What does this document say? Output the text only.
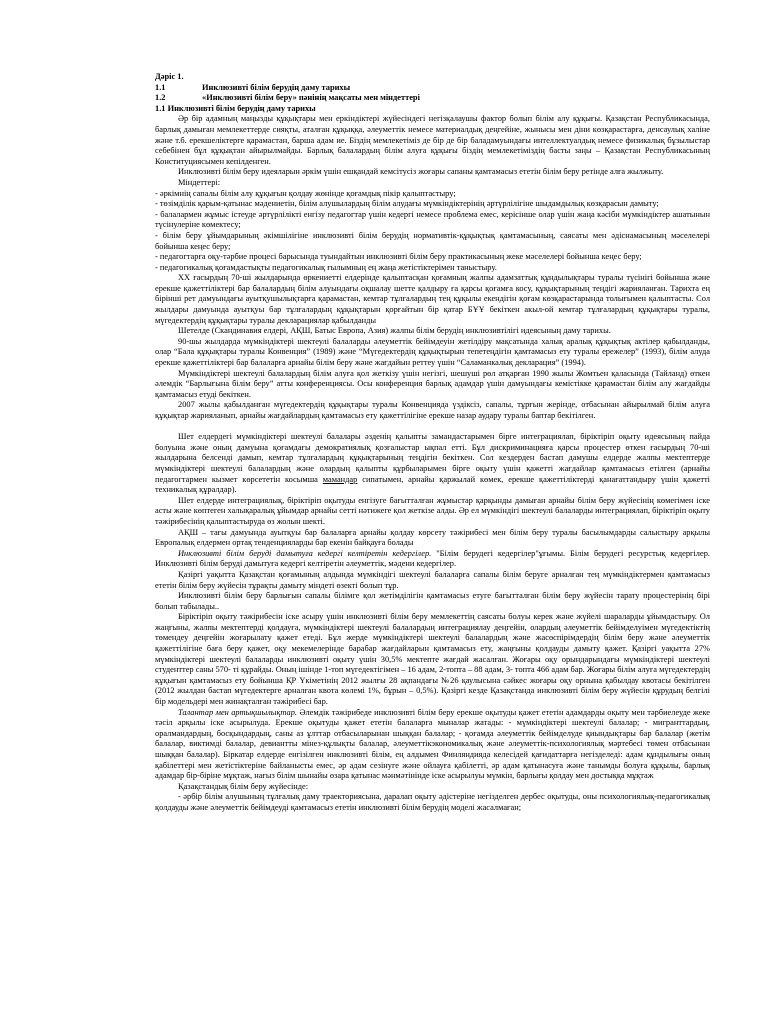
Дәріс 1.

1.1	Инклюзивті білім берудің даму тарихы
1.2	«Инклюзивті білім беру» пәнінің мақсаты мен міндеттері

1.1 Инклюзивті білім берудің даму тарихы

Әр бір адамның маңызды құқықтары мен еркіндіктері жүйесіндегі негізқалаушы фактор болып білім алу құқығы. Қазақстан Республикасында, барлық дамыған мемлекеттерде сияқты, аталған құқыққа, әлеуметтік немесе материалдық деңгейіне, жынысы мен діни көзқарастарға, денсаулық халіне және т.б. ерекшеліктерге қарамастан, барша адам ие. Біздің мемлекетіміз де бір де бір баладамуындағы интеллектуалдық немесе физикалық бұзылыстар себебінен бұл құқықтан айырылмайды. Барлық балалардың білім алуға құқығы біздің мемлекетіміздің басты заңы – Қазақстан Республикасының Конституциясымен кепілденген.

Инклюзивті білім беру идеяларын әркім үшін ешқандай кемсітусіз жоғары сапаны қамтамасыз ететін білім беру ретінде алға жылжыту.

Міндеттері:

- әркімнің сапалы білім алу құқығын қолдау жөнінде қоғамдық пікір қалыптастыру;

- төзімділік қарым-қатынас мәдениетін, білім алушылардың білім алудағы мүмкіндіктерінің әртүрлілігіне шыдамдылық көзқарасын дамыту;

- балалармен жұмыс істеуде әртүрлілікті енгізу педагогтар үшін кедергі немесе проблема емес, керісінше олар үшін жаңа кәсіби мүмкіндіктер ашатынын түсінулеріне көмектесу;

- білім беру ұйымдарының әкімшілігіне инклюзивті білім берудің нормативтік-құқықтық қамтамасының, саясаты мен әдіснамасының мәселелері бойынша кеңес беру;

- педагогтарға оқу-тәрбие процесі барысында туындайтын инклюзивті білім беру практикасының жеке мәселелері бойынша кеңес беру;

- педагогикалық қоғамдастықты педагогикалық ғылымның ең жаңа жетістіктерімен таныстыру.

XX ғасырдың 70-ші жылдарында өркениетті елдерінде қалыптасқан қоғамның жалпы адамзаттық құндылықтары туралы түсінігі бойынша және ерекше қажеттіліктері бар балалардың білім алуындағы оқшалау шетте қалдыру ға қарсы қоғамға косу, құқықтарының теңдігі жарияланған. Тарихта ең біріншi рет дамуындағы ауытқушылықтарға қарамастан, кемтар тұлғалардың тең құқылы екендігін қоғам көзқарастарында толығымен қалыптасты. Сол жылдары дамуында ауытқуы бар тұлғалардың құқықтарын қорғайтын бір қатар БҰҰ бекіткен акыл-ой кемтар тұлғалардың құқықтары туралы, мүгедектердің құқықтары туралы декларациялар қабылданды

Шетелде (Скандинавия елдері, АҚШ, Батыс Европа, Азия) жалпы білім берудің инклюзивтілігі идеясының даму тарихы.

90-шы жылдарда мүмкіндіктері шектеулі балаларды әлеуметтік бейімдеуін жетілдіру мақсатында халық аралық құқықтық актілер қабылданды, олар “Бала құқықтары туралы Конвенция” (1989) және “Мүгедектердің құқықтырын тепетеңдігін қамтамасыз ету туралы ережелер” (1993), білім алуда ерекше қажеттіліктері бар балаларға арнайы білім беру және жағдайын реттеу үшін “Саламанкалық декларация” (1994).

Мүмкіндіктері шектеулі балалардың білім алуға қол жеткізу үшін негізгі, шешуші рөл атқарған 1990 жылы Жомтьен қаласында (Тайланд) өткен әлемдік “Барлығына білім беру” атты конференциясы. Осы конференция барлық адамдар үшін дамуындағы кемістікке қарамастан білім алу жағдайды қамтамасыз етуді бекіткен.

2007 жылы қабылданған мүгедектердің құқықтары туралы Конвенцияда үздіксіз, сапалы, тұрғын жерінде, отбасынан айырылмай білім алуға құқықтар жарияланып, арнайы жағдайлардың қамтамасыз ету қажеттілігіне ерекше назар аудару туралы баптар бекітілген.

Шет елдердегі мүмкіндіктері шектеулі балалары әзденің қалыпты замандастарымен бірге интеграциялап, біріктіріп оқыту идеясының пайда болуына және оның дамуына қоғамдағы демократиялық қозғалыстар ықпал етті. Бұл дискриминацияға қарсы процестер өткен ғасырдың 70-ші жылдарына белсенді дамып, кемтар тұлғалардың құқықтарының теңдігін бекіткен. Сол кездерден бастап дамушы елдерде жалпы мектептерде мүмкіндіктері шектеулі балалардың және олардың қалыпты құрбыларымен бірге оқыту үшін қажетті жағдайлар қамтамасыз етілген (арнайы педагогтармен кызмет көрсететін косымша мамандар сипатымен, арнайы қаржылай көмек, ерекше қажеттіліктерді қанағаттандыру үшін қажетті техникалық құралдар).

Шет елдерде интеграциялық, біріктіріп оқытуды енгізуге бағытталған жұмыстар қарқынды дамыған арнайы білім беру жүйесінің көмегімен іске асты және көптеген халықаралық ұйымдар арнайы сетті нәтижеге қол жеткізе алды. Әр ел мүмкіндігі шектеулі балаларды интеграциялап, біріктіріп оқыту тәжірибесінің қалыптастыруда өз жолын шекті.

АҚШ – тағы дамуында ауытқуы бар балаларға арнайы қолдау көрсету тәжірибесі мен білім беру туралы басылымдарды салыстыру арқылы Европалық елдермен ортақ тенденцияларды бар екенін байқауға болады

Инклюзивті білім беруді дамытуға кедергі келтіретін кедергілер. "Білім берудегі кедергілер"ұғымы. Білім берудегі ресурстық кедергілер. Инклюзивті білім беруді дамытуға кедергі келтіретін әлеуметтік, мәдени кедергілер.

Қазіргі уақытта Қазақстан қоғамының алдында мүмкіндігі шектеулі балаларға сапалы білім беруге арналған тең мүмкіндіктермен қамтамасыз ететін білім беру жүйесін тұрақты дамыту міндеті өзекті болып тұр.

Инклюзивті білім беру барлығын сапалы білімге қол жетімділігін қамтамасыз етуге бағытталған білім беру жүйесін тарату процестерінің бірі болып табылады..

Біріктіріп оқыту тәжірибесін іске асыру үшін инклюзивті білім беру мемлекеттің саясаты болуы керек және жүйелі шараларды ұйымдастыру. Ол жаңғыны, жалпы мектептерді қолдауға, мүмкіндіктері шектеулі балалардың интеграциялау деңгейін, олардың әлеуметтік бейімделуімен мүгедектіктің төмендеу деңгейін жоғарылату қажет етеді. Бұл жерде мүмкіндіктері шектеулі балалардың және жасөспірімдердің білім беру және әлеуметтік қажеттілігіне баға беру қажет, оқу мекемелерінде барабар жағдайларын қамтамасыз ету, жаңғыны қолдауды дамыту қажет. Қазіргі уақытта 27% мүмкіндіктері шектеулі балаларды инклюзивті оқыту үшін 30,5% мектепте жағдай жасалған. Жоғары оқу орындарындағы мүмкіндіктері шектеулі студенттер саны 570- ті құрайды. Оның ішінде 1-топ мүгедектігімен – 16 адам, 2-топта – 88 адам, 3- топта 466 адам бар. Жоғары білім алуға мүгедектердің құқығын қамтамасыз ету бойынша ҚР Үкіметінің 2012 жылғы 28 ақпандағы №26 қаулысына сәйкес жоғары оқу орнына қабылдау квотасы бекітілген (2012 жылдан бастап мүгедектерге арналған квота көлемі 1%, бұрын – 0,5%). Қазіргі кезде Қазақстанда инклюзивті білім беру жүйесін құрудың белгілі бір модельдері мен жинақталған тәжірибесі бар.

Талантар мен артықшылықтар. Әлемдік тәжірибеде инклюзивті білім беру ерекше оқытуды қажет ететін адамдарды оқыту мен тәрбиелеуде жеке тәсіл арқылы іске асырылуда. Ерекше оқытуды қажет ететін балаларға мыналар жатады: - мүмкіндіктері шектеулі балалар; - мигранттардың, оралмандардың, босқындардың, саны аз ұлттар отбасыларынан шыққан балалар; - қоғамда әлеуметтік бейімделуде қиындықтары бар балалар (жетім балалар, виктимді балалар, девиантты мінез-құлықты балалар, әлеуметтікэкономикалық және әлеуметтік-психологиялық мәртебесі төмен отбасынан шыққан балалар). Біркатар елдерде енгізілген инклюзивті білім, ең алдымен Финляндияда келесідей қағидаттарға негізделеді: адам құндылығы оның қабілеттері мен жетістіктеріне байланысты емес, әр адам сезінуге және ойлауға қабілетті, әр адам қатынасуға және танымды болуға құқылы, барлық адамдар бір-біріне мұқтаж, нағыз білім шынайы өзара қатынас мәнмәтінінде іске асырылуы мүмкін, барлығы қолдау мен достыққа мұқтаж

Қазақстандық білім беру жүйесінде:

- әрбір білім алушының тұлғалық даму траекториясына, даралап оқыту әдістеріне негізделген дербес оқытуды, оны психологиялық-педагогикалық қолдауды және әлеуметтік бейімдеуді қамтамасыз ететін инклюзивті білім берудің моделі жасалмаған;
